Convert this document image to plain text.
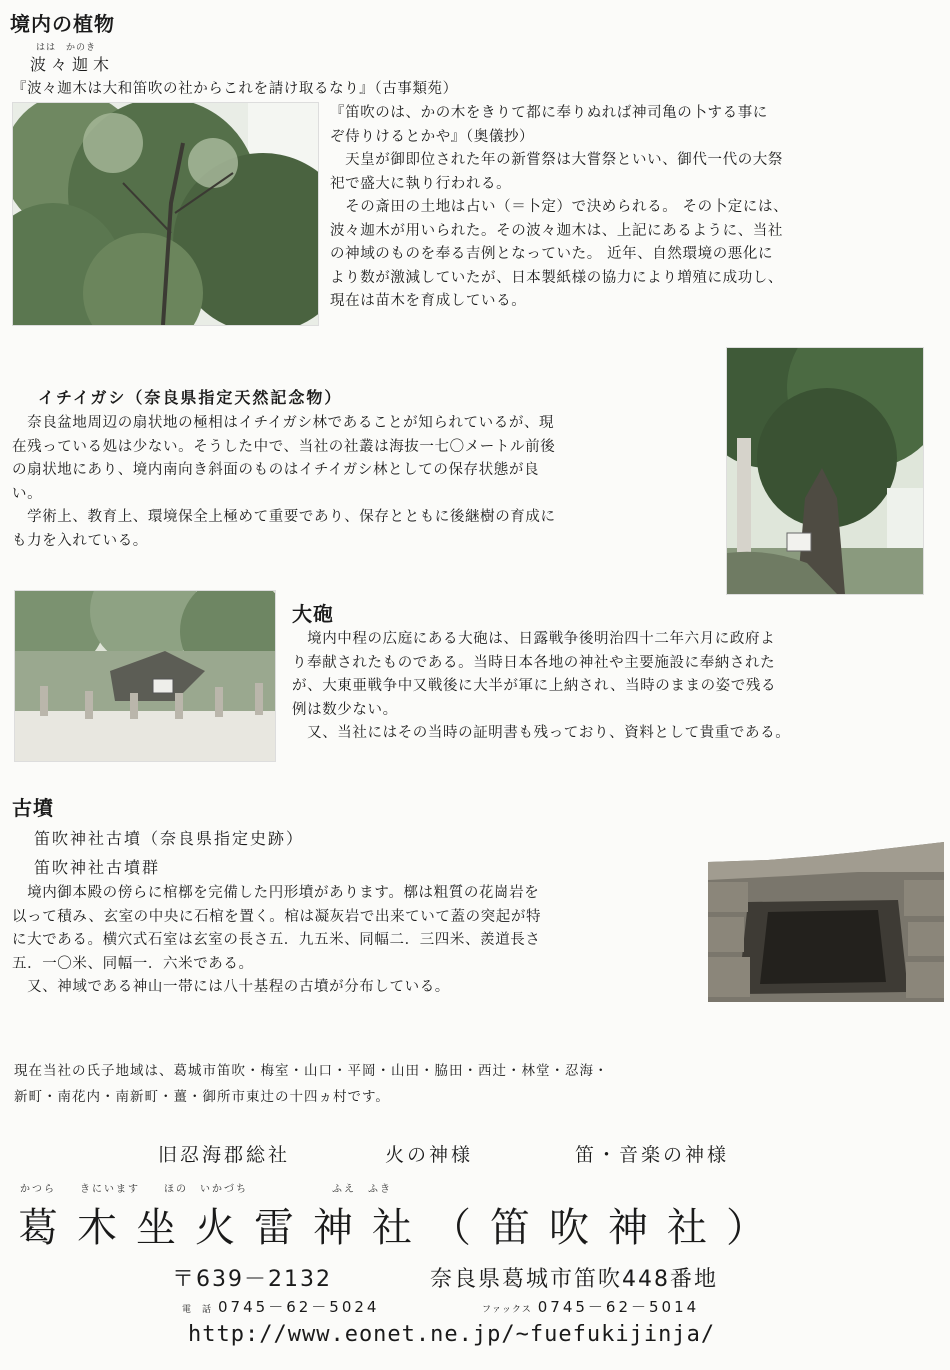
境内の植物
はは　かのき
波々迦木

『波々迦木は大和笛吹の社からこれを請け取るなり』（古事類苑）

『笛吹のは、かの木をきりて都に奉りぬれば神司亀の卜する事に

ぞ侍りけるとかや』（奥儀抄）

　天皇が御即位された年の新嘗祭は大嘗祭といい、御代一代の大祭

祀で盛大に執り行われる。

　その斎田の土地は占い（＝卜定）で決められる。 その卜定には、

波々迦木が用いられた。その波々迦木は、上記にあるように、当社

の神域のものを奉る吉例となっていた。 近年、自然環境の悪化に

より数が激減していたが、日本製紙様の協力により増殖に成功し、

現在は苗木を育成している。

イチイガシ（奈良県指定天然記念物）

　奈良盆地周辺の扇状地の極相はイチイガシ林であることが知られているが、現

在残っている処は少ない。そうした中で、当社の社叢は海抜一七〇メートル前後

の扇状地にあり、境内南向き斜面のものはイチイガシ林としての保存状態が良

い。

　学術上、教育上、環境保全上極めて重要であり、保存とともに後継樹の育成に

も力を入れている。

大砲

　境内中程の広庭にある大砲は、日露戦争後明治四十二年六月に政府よ

り奉献されたものである。当時日本各地の神社や主要施設に奉納された

が、大東亜戦争中又戦後に大半が軍に上納され、当時のままの姿で残る

例は数少ない。

　又、当社にはその当時の証明書も残っており、資料として貴重である。

古墳
笛吹神社古墳（奈良県指定史跡）
笛吹神社古墳群

　境内御本殿の傍らに棺槨を完備した円形墳があります。槨は粗質の花崗岩を

以って積み、玄室の中央に石棺を置く。棺は凝灰岩で出来ていて蓋の突起が特

に大である。横穴式石室は玄室の長さ五．九五米、同幅二．三四米、羨道長さ

五．一〇米、同幅一．六米である。

　又、神域である神山一帯には八十基程の古墳が分布している。

現在当社の氏子地域は、葛城市笛吹・梅室・山口・平岡・山田・脇田・西辻・林堂・忍海・

新町・南花内・南新町・薑・御所市東辻の十四ヵ村です。

旧忍海郡総社	火の神様	笛・音楽の神様
かつら　　きにいます　　ほの　いかづち　　　　　　　ふえ　ふき
葛木坐火雷神社（笛吹神社）
〒639－2132	奈良県葛城市笛吹448番地
電　話 0745－62－5024	ファックス 0745－62－5014
http://www.eonet.ne.jp/~fuefukijinja/
